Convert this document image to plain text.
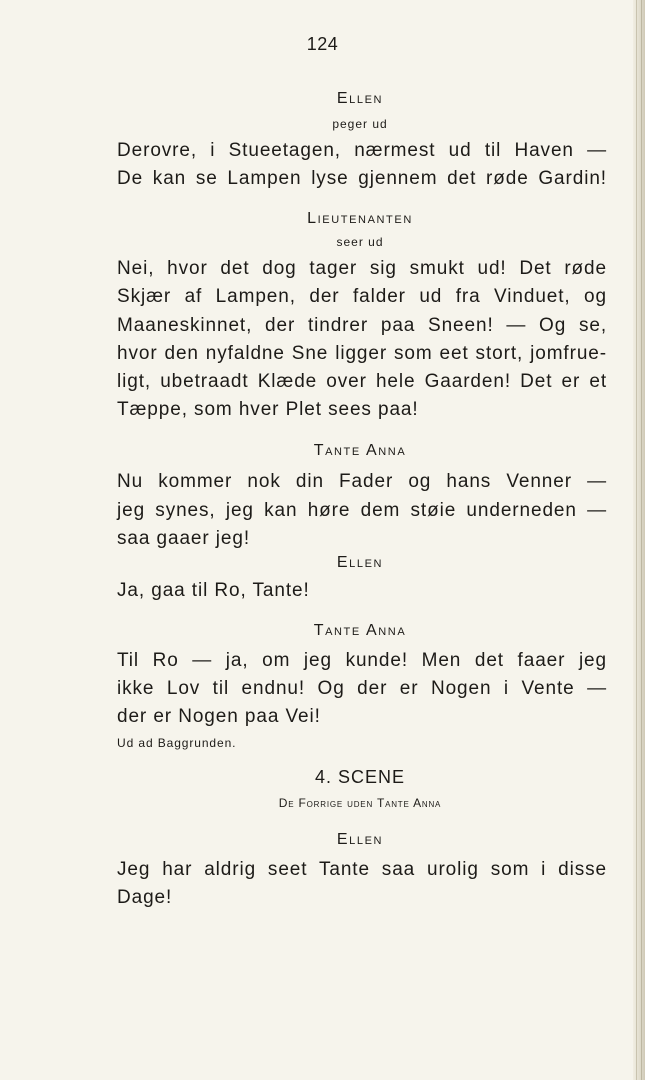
124
Ellen
peger ud
Derovre, i Stueetagen, nærmest ud til Haven —
De kan se Lampen lyse gjennem det røde Gardin!
Lieutenanten
seer ud
Nei, hvor det dog tager sig smukt ud! Det røde
Skjær af Lampen, der falder ud fra Vinduet, og
Maaneskinnet, der tindrer paa Sneen! — Og se,
hvor den nyfaldne Sne ligger som eet stort, jomfrue-
ligt, ubetraadt Klæde over hele Gaarden! Det er et
Tæppe, som hver Plet sees paa!
Tante Anna
Nu kommer nok din Fader og hans Venner —
jeg synes, jeg kan høre dem støie underneden —
saa gaaer jeg!
Ellen
Ja, gaa til Ro, Tante!
Tante Anna
Til Ro — ja, om jeg kunde! Men det faaer jeg
ikke Lov til endnu! Og der er Nogen i Vente —
der er Nogen paa Vei!
Ud ad Baggrunden.
4. SCENE
De Forrige uden Tante Anna
Ellen
Jeg har aldrig seet Tante saa urolig som i disse
Dage!
